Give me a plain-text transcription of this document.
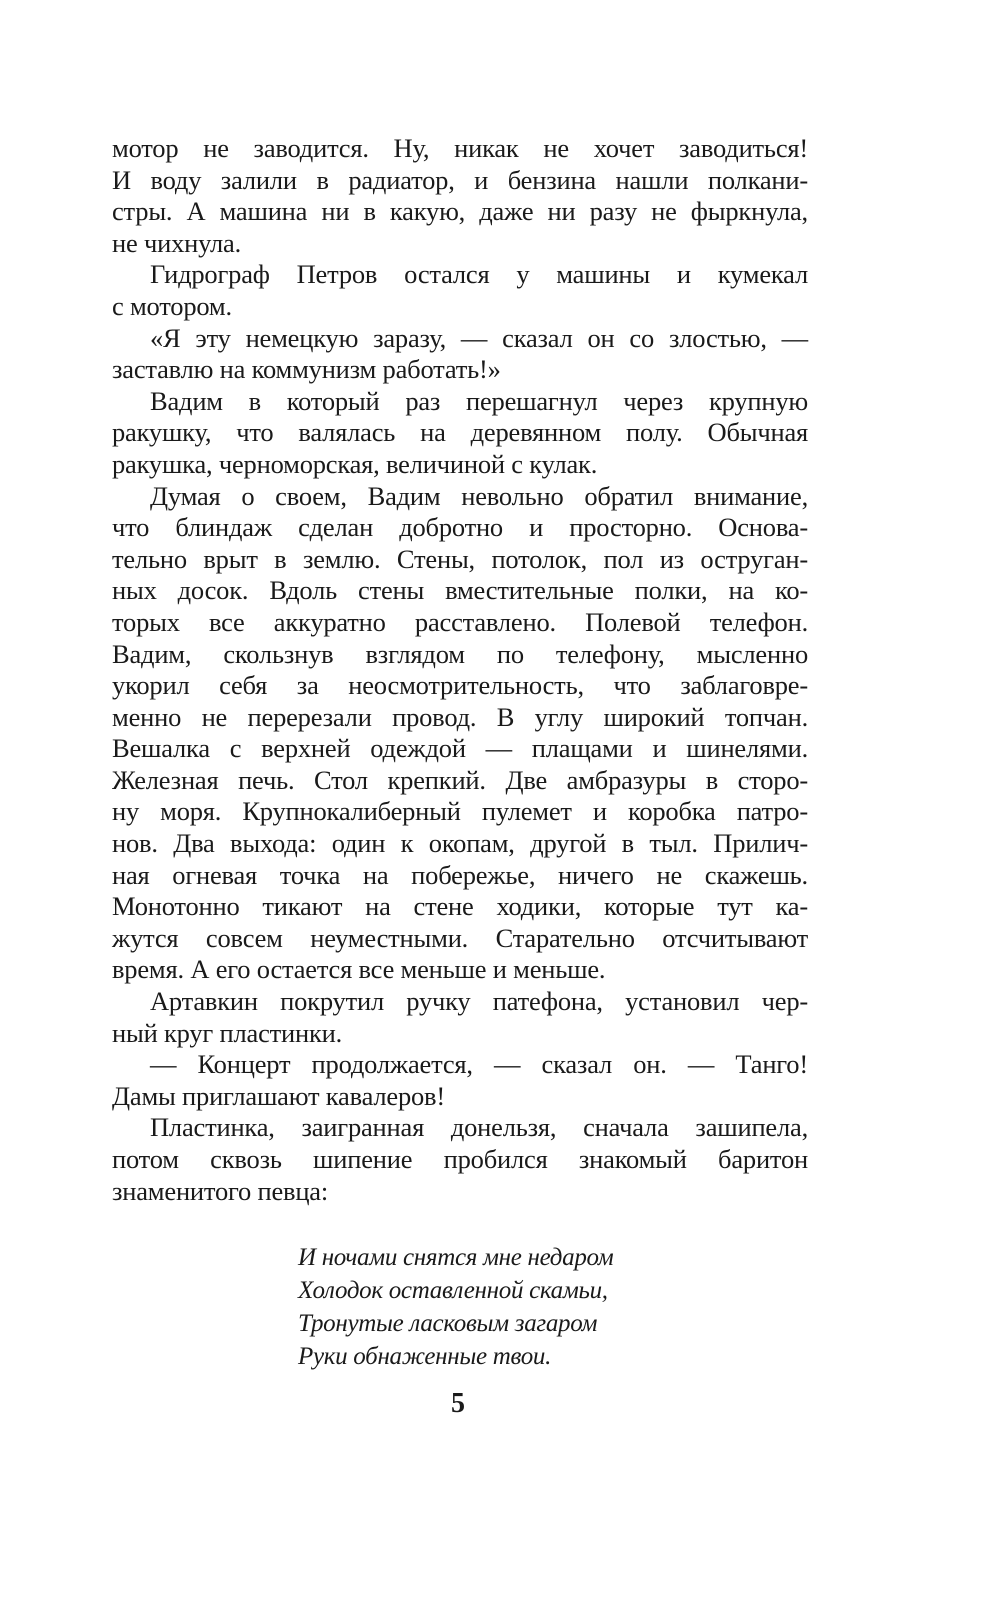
мотор не заводится. Ну, никак не хочет заводиться!
И воду залили в радиатор, и бензина нашли полкани-
стры. А машина ни в какую, даже ни разу не фыркнула,
не чихнула.
Гидрограф Петров остался у машины и кумекал
с мотором.
«Я эту немецкую заразу, — сказал он со злостью, —
заставлю на коммунизм работать!»
Вадим в который раз перешагнул через крупную
ракушку, что валялась на деревянном полу. Обычная
ракушка, черноморская, величиной с кулак.
Думая о своем, Вадим невольно обратил внимание,
что блиндаж сделан добротно и просторно. Основа-
тельно врыт в землю. Стены, потолок, пол из оструган-
ных досок. Вдоль стены вместительные полки, на ко-
торых все аккуратно расставлено. Полевой телефон.
Вадим, скользнув взглядом по телефону, мысленно
укорил себя за неосмотрительность, что заблаговре-
менно не перерезали провод. В углу широкий топчан.
Вешалка с верхней одеждой — плащами и шинелями.
Железная печь. Стол крепкий. Две амбразуры в сторо-
ну моря. Крупнокалиберный пулемет и коробка патро-
нов. Два выхода: один к окопам, другой в тыл. Прилич-
ная огневая точка на побережье, ничего не скажешь.
Монотонно тикают на стене ходики, которые тут ка-
жутся совсем неуместными. Старательно отсчитывают
время. А его остается все меньше и меньше.
Артавкин покрутил ручку патефона, установил чер-
ный круг пластинки.
— Концерт продолжается, — сказал он. — Танго!
Дамы приглашают кавалеров!
Пластинка, заигранная донельзя, сначала зашипела,
потом сквозь шипение пробился знакомый баритон
знаменитого певца:
И ночами снятся мне недаром
Холодок оставленной скамьи,
Тронутые ласковым загаром
Руки обнаженные твои.
5
